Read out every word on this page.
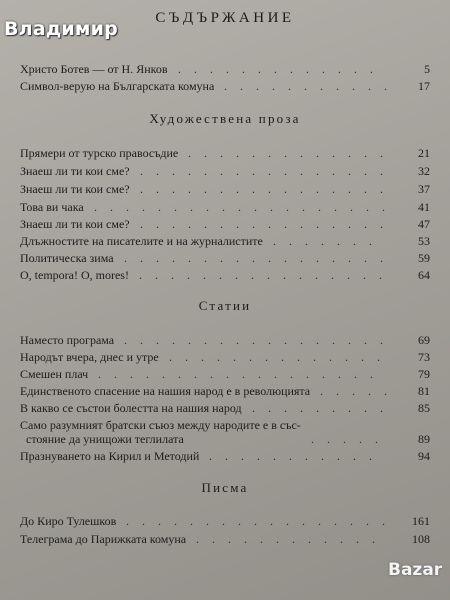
СЪДЪРЖАНИЕ
Христо Ботев — от Н. Янков	5
. . . . . . . . . . . . .
Символ-верую на Българската комуна	17
. . . . . . . . . . .
Художествена проза
Прямери от турско правосъдие	21
. . . . . . . . . . . . .
Знаеш ли ти кои сме?	32
. . . . . . . . . . . . . . . .
Знаеш ли ти кои сме?	37
. . . . . . . . . . . . . . . .
Това ви чака	41
. . . . . . . . . . . . . . . . . . .
Знаеш ли ти кои сме?	47
. . . . . . . . . . . . . . . .
Длъжностите на писателите и на журналистите	53
. . . . . . .
Политическа зима	59
. . . . . . . . . . . . . . . . .
O, tempora! O, mores!	64
. . . . . . . . . . . . . . . .
Статии
Наместо програма	69
. . . . . . . . . . . . . . . . .
Народът вчера, днес и утре	73
. . . . . . . . . . . . . .
Смешен плач	79
. . . . . . . . . . . . . . . . . .
Единственото спасение на нашия народ е в революцията	81
. . . . .
В какво се състои болестта на нашия народ	85
. . . . . . . . .
Само разумният братски съюз между народите е в със-
стояние да унищожи теглилата	89
. . . . .
Празнуването на Кирил и Методий	94
. . . . . . . . . . .
Писма
До Киро Тулешков	161
. . . . . . . . . . . . . . . . .
Телеграма до Парижката комуна	108
. . . . . . . . . . . .
Bazar
Владимир
